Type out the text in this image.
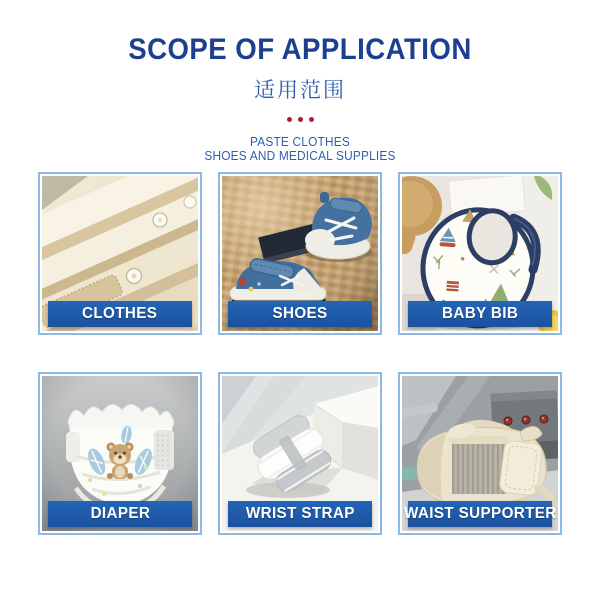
SCOPE OF APPLICATION
适用范围
PASTE CLOTHES
SHOES AND MEDICAL SUPPLIES
CLOTHES	SHOES	BABY BIB
DIAPER	WRIST STRAP	WAIST SUPPORTER
